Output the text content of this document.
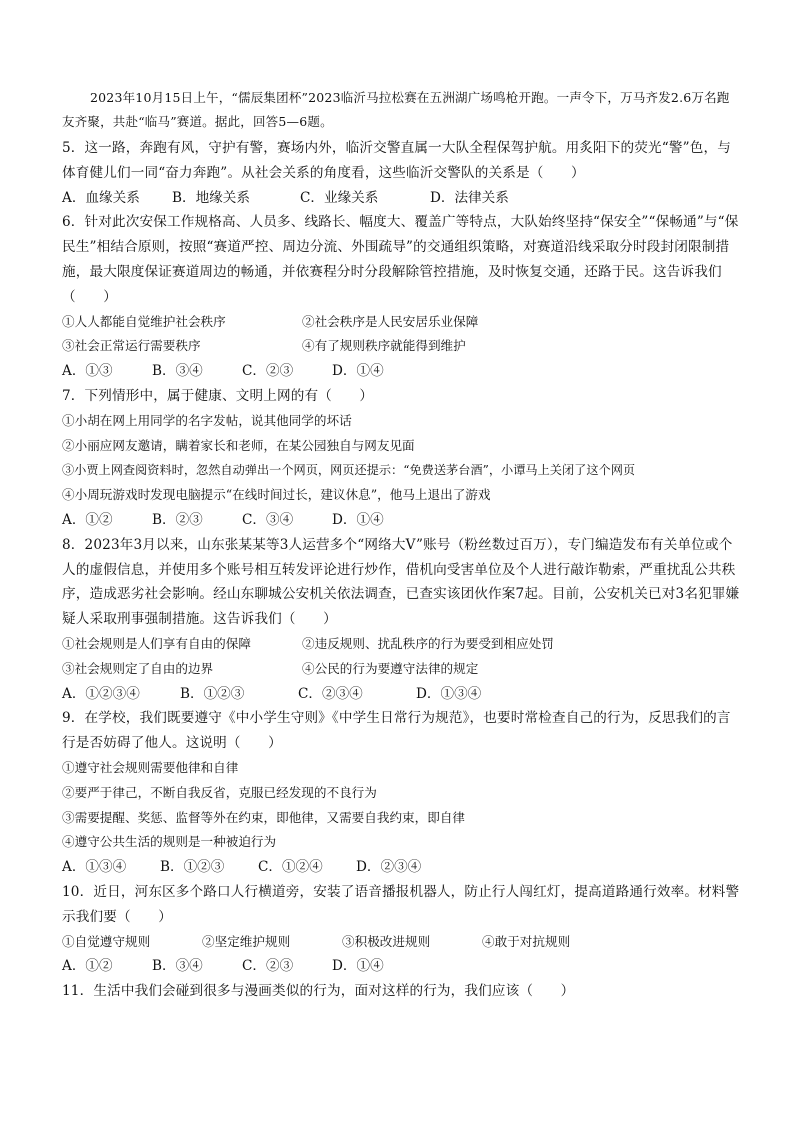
2023年10月15日上午，“儒辰集团杯”2023临沂马拉松赛在五洲湖广场鸣枪开跑。一声令下，万马齐发2.6万名跑友齐聚，共赴“临马”赛道。据此，回答5—6题。

5．这一路，奔跑有风，守护有警，赛场内外，临沂交警直属一大队全程保驾护航。用炙阳下的荧光“警”色，与体育健儿们一同“奋力奔跑”。从社会关系的角度看，这些临沂交警队的关系是（　　）

A．血缘关系	B．地缘关系	C．业缘关系	D．法律关系

6．针对此次安保工作规格高、人员多、线路长、幅度大、覆盖广等特点，大队始终坚持“保安全”“保畅通”与“保民生”相结合原则，按照“赛道严控、周边分流、外围疏导”的交通组织策略，对赛道沿线采取分时段封闭限制措施，最大限度保证赛道周边的畅通，并依赛程分时分段解除管控措施，及时恢复交通，还路于民。这告诉我们（　　）

①人人都能自觉维护社会秩序	②社会秩序是人民安居乐业保障
③社会正常运行需要秩序	④有了规则秩序就能得到维护

A．①③	B．③④	C．②③	D．①④

7．下列情形中，属于健康、文明上网的有（　　）

①小胡在网上用同学的名字发帖，说其他同学的坏话

②小丽应网友邀请，瞒着家长和老师，在某公园独自与网友见面

③小贾上网查阅资料时，忽然自动弹出一个网页，网页还提示：“免费送茅台酒”，小谭马上关闭了这个网页

④小周玩游戏时发现电脑提示“在线时间过长，建议休息”，他马上退出了游戏

A．①②	B．②③	C．③④	D．①④

8．2023年3月以来，山东张某某等3人运营多个“网络大V”账号（粉丝数过百万），专门编造发布有关单位或个人的虚假信息，并使用多个账号相互转发评论进行炒作，借机向受害单位及个人进行敲诈勒索，严重扰乱公共秩序，造成恶劣社会影响。经山东聊城公安机关依法调查，已查实该团伙作案7起。目前，公安机关已对3名犯罪嫌疑人采取刑事强制措施。这告诉我们（　　）

①社会规则是人们享有自由的保障	②违反规则、扰乱秩序的行为要受到相应处罚
③社会规则定了自由的边界	④公民的行为要遵守法律的规定

A．①②③④	B．①②③	C．②③④	D．①③④

9．在学校，我们既要遵守《中小学生守则》《中学生日常行为规范》，也要时常检查自己的行为，反思我们的言行是否妨碍了他人。这说明（　　）

①遵守社会规则需要他律和自律

②要严于律己，不断自我反省，克服已经发现的不良行为

③需要提醒、奖惩、监督等外在约束，即他律，又需要自我约束，即自律

④遵守公共生活的规则是一种被迫行为

A．①③④	B．①②③	C．①②④	D．②③④

10．近日，河东区多个路口人行横道旁，安装了语音播报机器人，防止行人闯红灯，提高道路通行效率。材料警示我们要（　　）

①自觉遵守规则	②坚定维护规则	③积极改进规则	④敢于对抗规则

A．①②	B．③④	C．②③	D．①④

11．生活中我们会碰到很多与漫画类似的行为，面对这样的行为，我们应该（　　）
